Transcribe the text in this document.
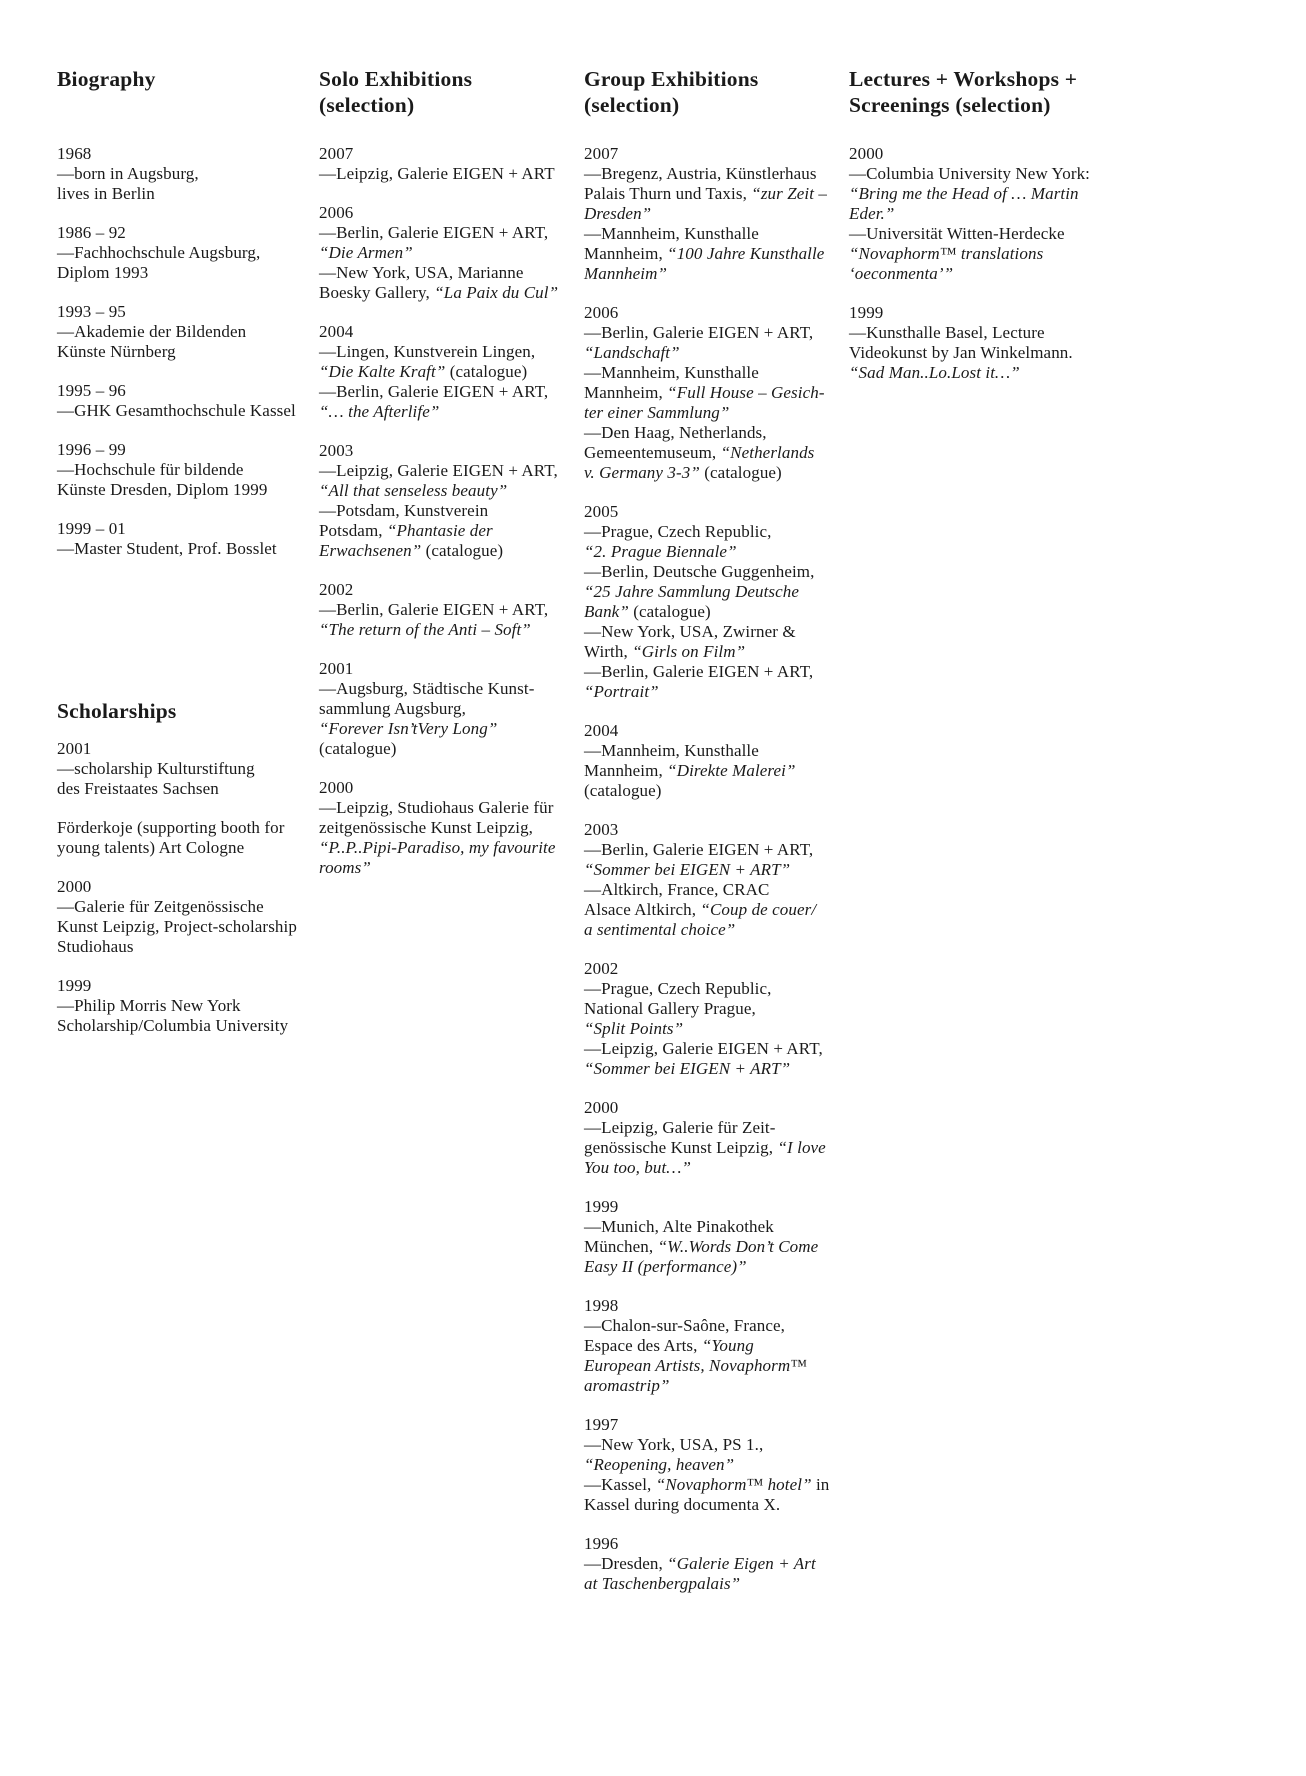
Biography
1968
—born in Augsburg,
lives in Berlin
1986 – 92
—Fachhochschule Augsburg,
Diplom 1993
1993 – 95
—Akademie der Bildenden
Künste Nürnberg
1995 – 96
—GHK Gesamthochschule Kassel
1996 – 99
—Hochschule für bildende
Künste Dresden, Diplom 1999
1999 – 01
—Master Student, Prof. Bosslet
Scholarships
2001
—scholarship Kulturstiftung
des Freistaates Sachsen
Förderkoje (supporting booth for
young talents) Art Cologne
2000
—Galerie für Zeitgenössische
Kunst Leipzig, Project-scholarship
Studiohaus
1999
—Philip Morris New York
Scholarship/Columbia University
Solo Exhibitions
(selection)
2007
—Leipzig, Galerie EIGEN + ART
2006
—Berlin, Galerie EIGEN + ART,
“Die Armen”
—New York, USA, Marianne
Boesky Gallery, “La Paix du Cul”
2004
—Lingen, Kunstverein Lingen,
“Die Kalte Kraft” (catalogue)
—Berlin, Galerie EIGEN + ART,
“… the Afterlife”
2003
—Leipzig, Galerie EIGEN + ART,
“All that senseless beauty”
—Potsdam, Kunstverein
Potsdam, “Phantasie der
Erwachsenen” (catalogue)
2002
—Berlin, Galerie EIGEN + ART,
“The return of the Anti – Soft”
2001
—Augsburg, Städtische Kunst-
sammlung Augsburg,
“Forever Isn’tVery Long”
(catalogue)
2000
—Leipzig, Studiohaus Galerie für
zeitgenössische Kunst Leipzig,
“P..P..Pipi-Paradiso, my favourite
rooms”
Group Exhibitions
(selection)
2007
—Bregenz, Austria, Künstlerhaus
Palais Thurn und Taxis, “zur Zeit –
Dresden”
—Mannheim, Kunsthalle
Mannheim, “100 Jahre Kunsthalle
Mannheim”
2006
—Berlin, Galerie EIGEN + ART,
“Landschaft”
—Mannheim, Kunsthalle
Mannheim, “Full House – Gesich-
ter einer Sammlung”
—Den Haag, Netherlands,
Gemeentemuseum, “Netherlands
v. Germany 3-3” (catalogue)
2005
—Prague, Czech Republic,
“2. Prague Biennale”
—Berlin, Deutsche Guggenheim,
“25 Jahre Sammlung Deutsche
Bank” (catalogue)
—New York, USA, Zwirner &
Wirth, “Girls on Film”
—Berlin, Galerie EIGEN + ART,
“Portrait”
2004
—Mannheim, Kunsthalle
Mannheim, “Direkte Malerei”
(catalogue)
2003
—Berlin, Galerie EIGEN + ART,
“Sommer bei EIGEN + ART”
—Altkirch, France, CRAC
Alsace Altkirch, “Coup de couer/
a sentimental choice”
2002
—Prague, Czech Republic,
National Gallery Prague,
“Split Points”
—Leipzig, Galerie EIGEN + ART,
“Sommer bei EIGEN + ART”
2000
—Leipzig, Galerie für Zeit-
genössische Kunst Leipzig, “I love
You too, but…”
1999
—Munich, Alte Pinakothek
München, “W..Words Don’t Come
Easy II (performance)”
1998
—Chalon-sur-Saône, France,
Espace des Arts, “Young
European Artists, Novaphorm™
aromastrip”
1997
—New York, USA, PS 1.,
“Reopening, heaven”
—Kassel, “Novaphorm™ hotel” in
Kassel during documenta X.
1996
—Dresden, “Galerie Eigen + Art
at Taschenbergpalais”
Lectures + Workshops +
Screenings (selection)
2000
—Columbia University New York:
“Bring me the Head of … Martin
Eder.”
—Universität Witten-Herdecke
“Novaphorm™ translations
‘oeconmenta’”
1999
—Kunsthalle Basel, Lecture
Videokunst by Jan Winkelmann.
“Sad Man..Lo.Lost it…”
